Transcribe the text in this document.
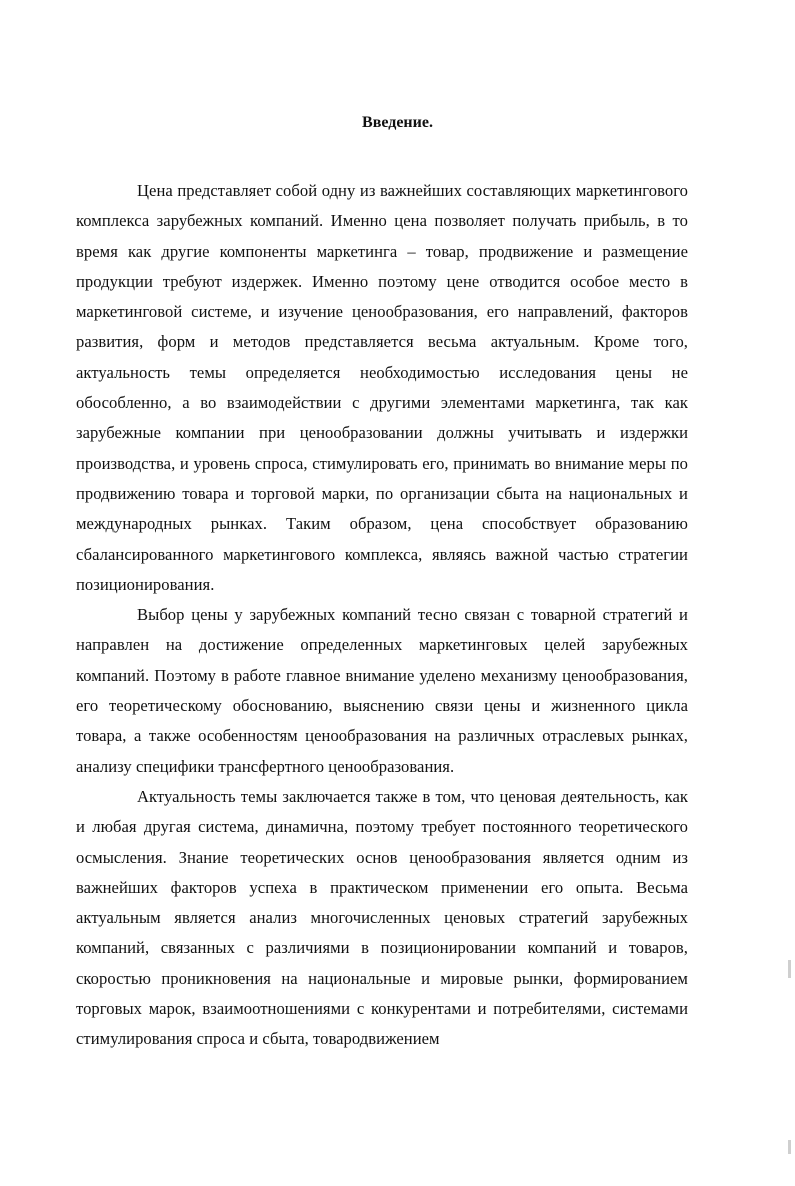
Введение.

Цена представляет собой одну из важнейших составляющих маркетингового комплекса зарубежных компаний. Именно цена позволяет получать прибыль, в то время как другие компоненты маркетинга – товар, продвижение и размещение продукции требуют издержек. Именно поэтому цене отводится особое место в маркетинговой системе, и изучение ценообразования, его направлений, факторов развития, форм и методов представляется весьма актуальным. Кроме того, актуальность темы определяется необходимостью исследования цены не обособленно, а во взаимодействии с другими элементами маркетинга, так как зарубежные компании при ценообразовании должны учитывать и издержки производства, и уровень спроса, стимулировать его, принимать во внимание меры по продвижению товара и торговой марки, по организации сбыта на национальных и международных рынках. Таким образом, цена способствует образованию сбалансированного маркетингового комплекса, являясь важной частью стратегии позиционирования.

Выбор цены у зарубежных компаний тесно связан с товарной стратегий и направлен на достижение определенных маркетинговых целей зарубежных компаний. Поэтому в работе главное внимание уделено механизму ценообразования, его теоретическому обоснованию, выяснению связи цены и жизненного цикла товара, а также особенностям ценообразования на различных отраслевых рынках, анализу специфики трансфертного ценообразования.

Актуальность темы заключается также в том, что ценовая деятельность, как и любая другая система, динамична, поэтому требует постоянного теоретического осмысления. Знание теоретических основ ценообразования является одним из важнейших факторов успеха в практическом применении его опыта. Весьма актуальным является анализ многочисленных ценовых стратегий зарубежных компаний, связанных с различиями в позиционировании компаний и товаров, скоростью проникновения на национальные и мировые рынки, формированием торговых марок, взаимоотношениями с конкурентами и потребителями, системами стимулирования спроса и сбыта, товародвижением
